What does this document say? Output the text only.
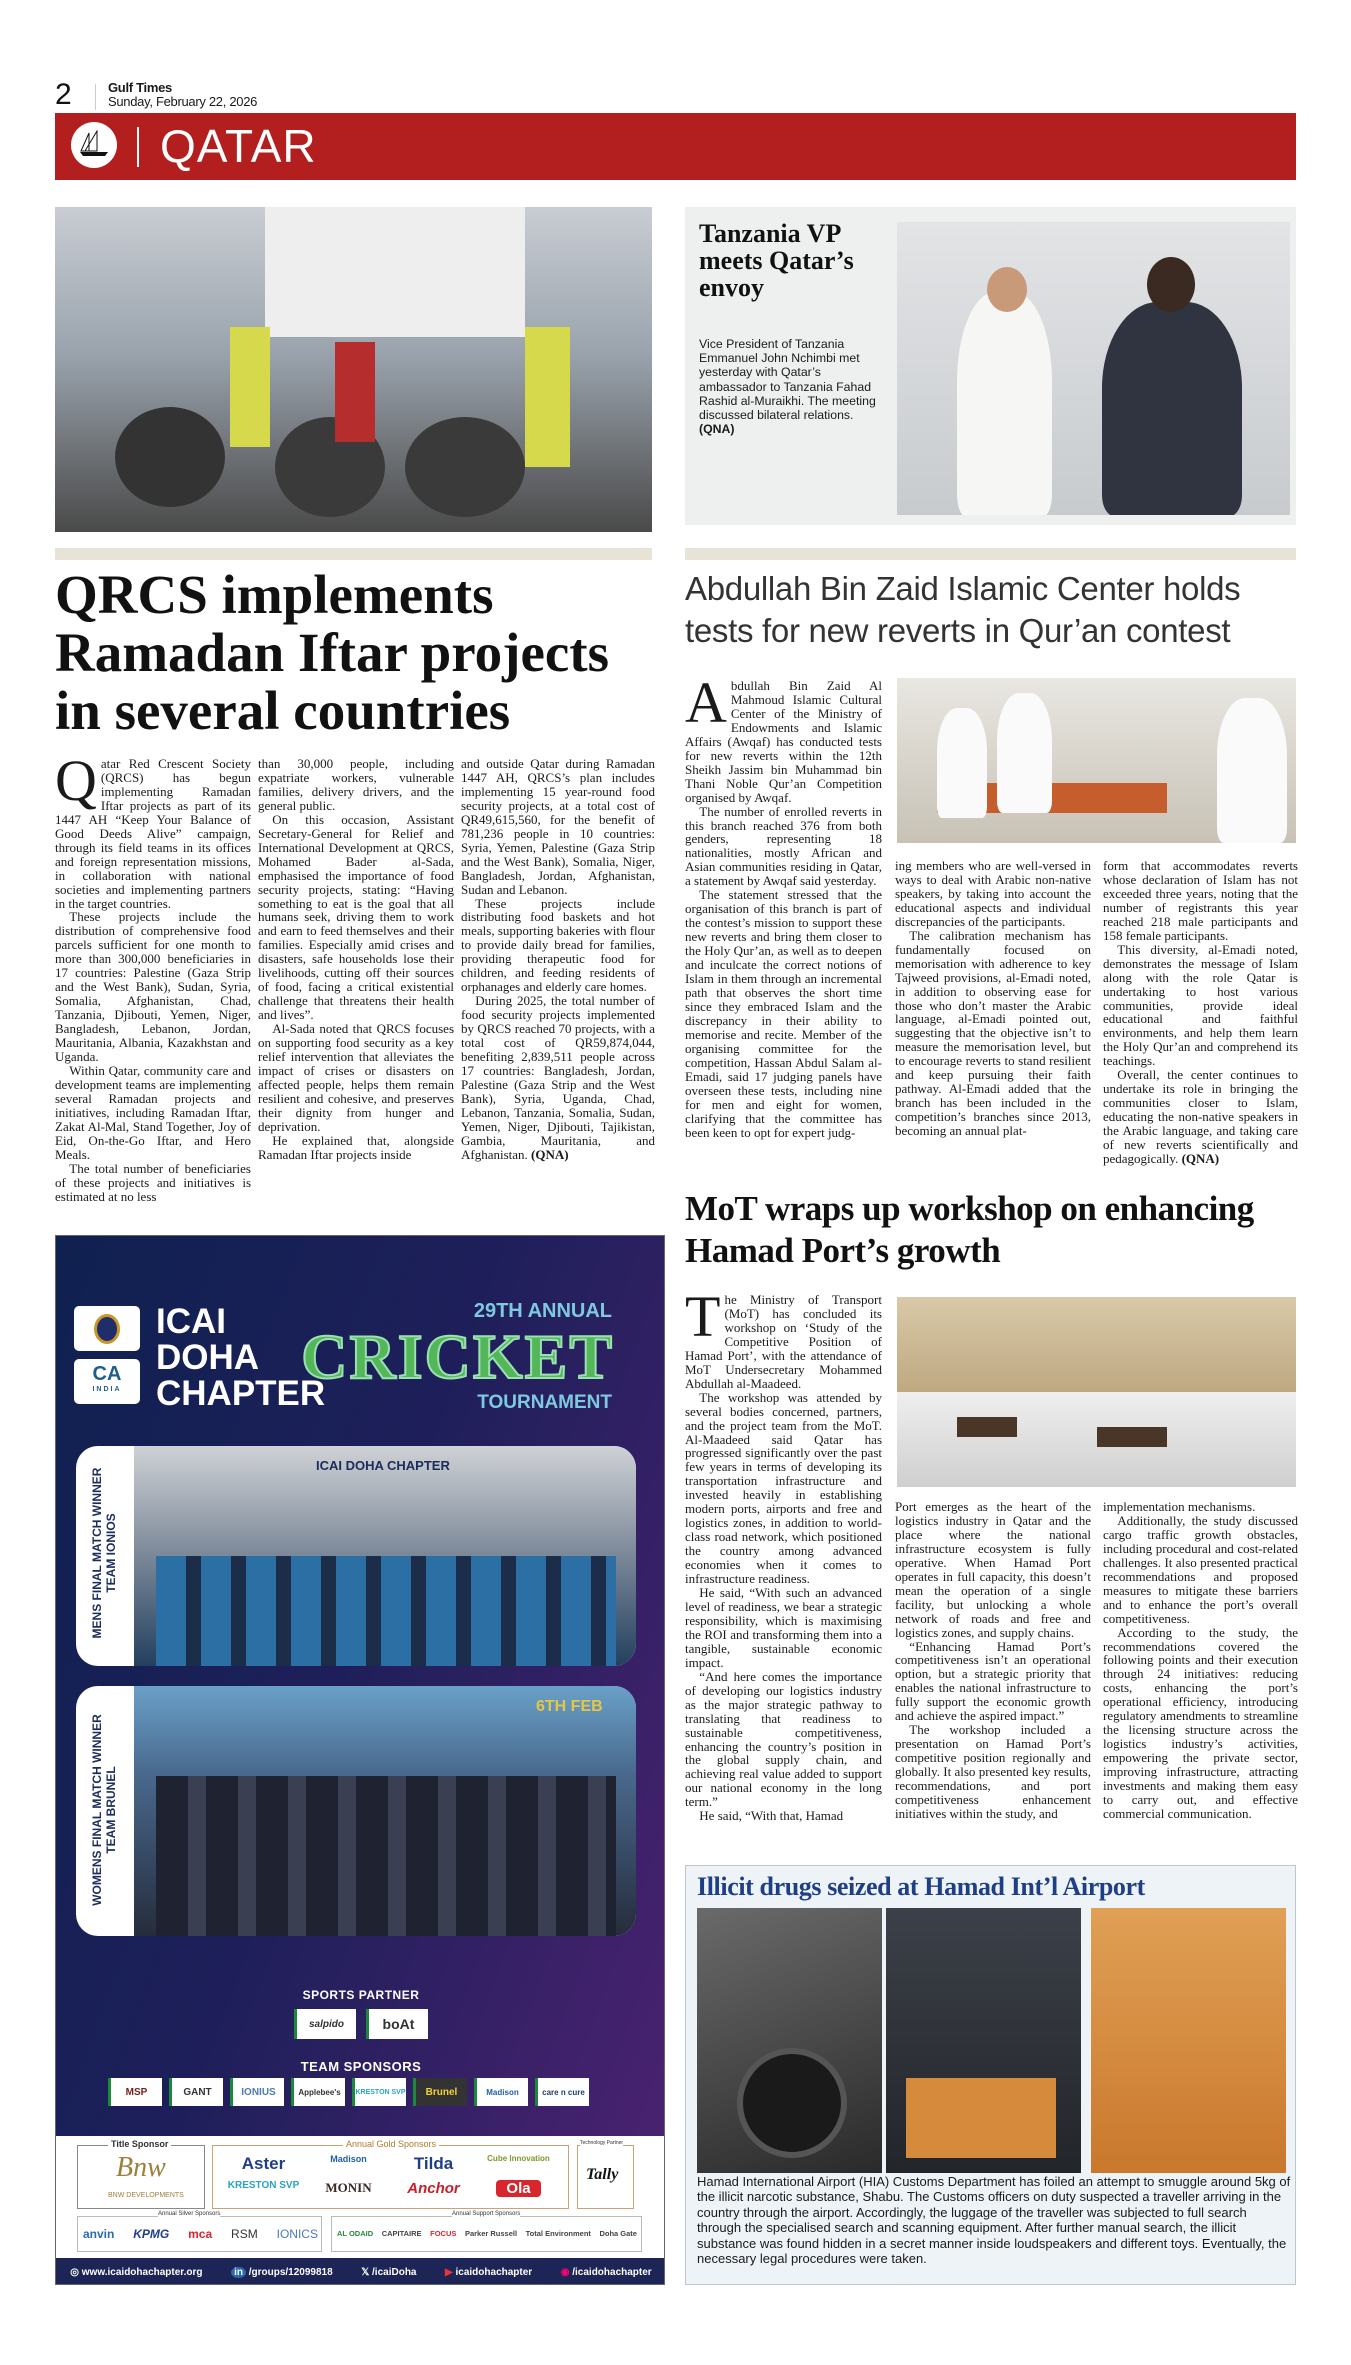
2	Gulf Times
Sunday, February 22, 2026
QATAR
Tanzania VP meets Qatar’s envoy
Vice President of Tanzania Emmanuel John Nchimbi met yesterday with Qatar’s ambassador to Tanzania Fahad Rashid al-Muraikhi. The meeting discussed bilateral relations. (QNA)
QRCS implements Ramadan Iftar projects in several countries

Qatar Red Crescent Society (QRCS) has begun implementing Ramadan Iftar projects as part of its 1447 AH “Keep Your Balance of Good Deeds Alive” campaign, through its field teams in its offices and foreign representation missions, in collaboration with national societies and implementing partners in the target countries.

These projects include the distribution of comprehensive food parcels sufficient for one month to more than 300,000 beneficiaries in 17 countries: Palestine (Gaza Strip and the West Bank), Sudan, Syria, Somalia, Afghanistan, Chad, Tanzania, Djibouti, Yemen, Niger, Bangladesh, Lebanon, Jordan, Mauritania, Albania, Kazakhstan and Uganda.

Within Qatar, community care and development teams are implementing several Ramadan projects and initiatives, including Ramadan Iftar, Zakat Al-Mal, Stand Together, Joy of Eid, On-the-Go Iftar, and Hero Meals.

The total number of beneficiaries of these projects and initiatives is estimated at no less

than 30,000 people, including expatriate workers, vulnerable families, delivery drivers, and the general public.

On this occasion, Assistant Secretary-General for Relief and International Development at QRCS, Mohamed Bader al-Sada, emphasised the importance of food security projects, stating: “Having something to eat is the goal that all humans seek, driving them to work and earn to feed themselves and their families. Especially amid crises and disasters, safe households lose their livelihoods, cutting off their sources of food, facing a critical existential challenge that threatens their health and lives”.

Al-Sada noted that QRCS focuses on supporting food security as a key relief intervention that alleviates the impact of crises or disasters on affected people, helps them remain resilient and cohesive, and preserves their dignity from hunger and deprivation.

He explained that, alongside Ramadan Iftar projects inside

and outside Qatar during Ramadan 1447 AH, QRCS’s plan includes implementing 15 year-round food security projects, at a total cost of QR49,615,560, for the benefit of 781,236 people in 10 countries: Syria, Yemen, Palestine (Gaza Strip and the West Bank), Somalia, Niger, Bangladesh, Jordan, Afghanistan, Sudan and Lebanon.

These projects include distributing food baskets and hot meals, supporting bakeries with flour to provide daily bread for families, providing therapeutic food for children, and feeding residents of orphanages and elderly care homes.

During 2025, the total number of food security projects implemented by QRCS reached 70 projects, with a total cost of QR59,874,044, benefiting 2,839,511 people across 17 countries: Bangladesh, Jordan, Palestine (Gaza Strip and the West Bank), Syria, Uganda, Chad, Lebanon, Tanzania, Somalia, Sudan, Yemen, Niger, Djibouti, Tajikistan, Gambia, Mauritania, and Afghanistan. (QNA)

Abdullah Bin Zaid Islamic Center holds tests for new reverts in Qur’an contest

Abdullah Bin Zaid Al Mahmoud Islamic Cultural Center of the Ministry of Endowments and Islamic Affairs (Awqaf) has conducted tests for new reverts within the 12th Sheikh Jassim bin Muhammad bin Thani Noble Qur’an Competition organised by Awqaf.

The number of enrolled reverts in this branch reached 376 from both genders, representing 18 nationalities, mostly African and Asian communities residing in Qatar, a statement by Awqaf said yesterday.

The statement stressed that the organisation of this branch is part of the contest’s mission to support these new reverts and bring them closer to the Holy Qur’an, as well as to deepen and inculcate the correct notions of Islam in them through an incremental path that observes the short time since they embraced Islam and the discrepancy in their ability to memorise and recite. Member of the organising committee for the competition, Hassan Abdul Salam al-Emadi, said 17 judging panels have overseen these tests, including nine for men and eight for women, clarifying that the committee has been keen to opt for expert judg-

ing members who are well-versed in ways to deal with Arabic non-native speakers, by taking into account the educational aspects and individual discrepancies of the participants.

The calibration mechanism has fundamentally focused on memorisation with adherence to key Tajweed provisions, al-Emadi noted, in addition to observing ease for those who don’t master the Arabic language, al-Emadi pointed out, suggesting that the objective isn’t to measure the memorisation level, but to encourage reverts to stand resilient and keep pursuing their faith pathway. Al-Emadi added that the branch has been included in the competition’s branches since 2013, becoming an annual plat-

form that accommodates reverts whose declaration of Islam has not exceeded three years, noting that the number of registrants this year reached 218 male participants and 158 female participants.

This diversity, al-Emadi noted, demonstrates the message of Islam along with the role Qatar is undertaking to host various communities, provide ideal educational and faithful environments, and help them learn the Holy Qur’an and comprehend its teachings.

Overall, the center continues to undertake its role in bringing the communities closer to Islam, educating the non-native speakers in the Arabic language, and taking care of new reverts scientifically and pedagogically. (QNA)

MoT wraps up workshop on enhancing Hamad Port’s growth

The Ministry of Transport (MoT) has concluded its workshop on ‘Study of the Competitive Position of Hamad Port’, with the attendance of MoT Undersecretary Mohammed Abdullah al-Maadeed.

The workshop was attended by several bodies concerned, partners, and the project team from the MoT. Al-Maadeed said Qatar has progressed significantly over the past few years in terms of developing its transportation infrastructure and invested heavily in establishing modern ports, airports and free and logistics zones, in addition to world-class road network, which positioned the country among advanced economies when it comes to infrastructure readiness.

He said, “With such an advanced level of readiness, we bear a strategic responsibility, which is maximising the ROI and transforming them into a tangible, sustainable economic impact.

“And here comes the importance of developing our logistics industry as the major strategic pathway to translating that readiness to sustainable competitiveness, enhancing the country’s position in the global supply chain, and achieving real value added to support our national economy in the long term.”

He said, “With that, Hamad

Port emerges as the heart of the logistics industry in Qatar and the place where the national infrastructure ecosystem is fully operative. When Hamad Port operates in full capacity, this doesn’t mean the operation of a single facility, but unlocking a whole network of roads and free and logistics zones, and supply chains.

“Enhancing Hamad Port’s competitiveness isn’t an operational option, but a strategic priority that enables the national infrastructure to fully support the economic growth and achieve the aspired impact.”

The workshop included a presentation on Hamad Port’s competitive position regionally and globally. It also presented key results, recommendations, and port competitiveness enhancement initiatives within the study, and

implementation mechanisms.

Additionally, the study discussed cargo traffic growth obstacles, including procedural and cost-related challenges. It also presented practical recommendations and proposed measures to mitigate these barriers and to enhance the port’s overall competitiveness.

According to the study, the recommendations covered the following points and their execution through 24 initiatives: reducing costs, enhancing the port’s operational efficiency, introducing regulatory amendments to streamline the licensing structure across the logistics industry’s activities, empowering the private sector, improving infrastructure, attracting investments and making them easy to carry out, and effective commercial communication.

Illicit drugs seized at Hamad Int’l Airport
Hamad International Airport (HIA) Customs Department has foiled an attempt to smuggle around 5kg of the illicit narcotic substance, Shabu. The Customs officers on duty suspected a traveller arriving in the country through the airport. Accordingly, the luggage of the traveller was subjected to full search through the specialised search and scanning equipment. After further manual search, the illicit substance was found hidden in a secret manner inside loudspeakers and different toys. Eventually, the necessary legal procedures were taken.
CA
INDIA
ICAI
DOHA
CHAPTER
29TH ANNUAL
CRICKET
TOURNAMENT
ICAI DOHA CHAPTER
MENS FINAL MATCH WINNER TEAM IONIOS
6TH FEB
WOMENS FINAL MATCH WINNER TEAM BRUNEL
SPORTS PARTNER
salpido	boAt
TEAM SPONSORS
MSP	GANT	IONIUS	Applebee's	KRESTON SVP	Brunel	Madison	care n cure
Title Sponsor
Bnw
BNW DEVELOPMENTS
Annual Gold Sponsors
Aster	Madison	Tilda	Cube Innovation
KRESTON SVP	MONIN	Anchor	Ola
Technology Partner
Tally
Annual Silver Sponsors
anvin KPMG mca RSM IONICS
Annual Support Sponsors
AL ODAID CAPITAIRE FOCUS Parker Russell Total Environment Doha Gate
◎ www.icaidohachapter.org	in /groups/12099818	𝕏 /icaiDoha	▶ icaidohachapter	◉ /icaidohachapter
